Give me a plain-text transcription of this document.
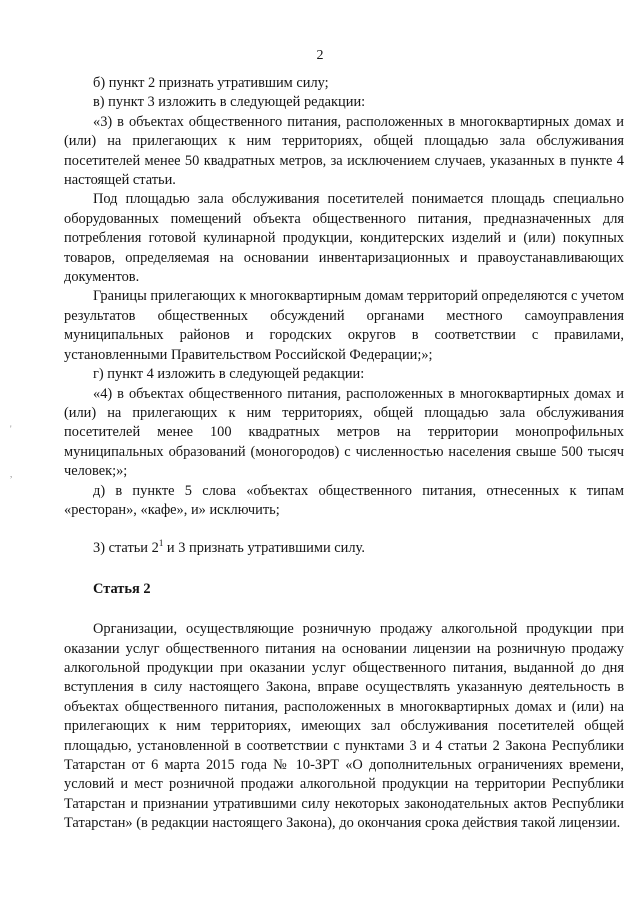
2

б) пункт 2 признать утратившим силу;

в) пункт 3 изложить в следующей редакции:

«3) в объектах общественного питания, расположенных в многоквартирных домах и (или) на прилегающих к ним территориях, общей площадью зала обслуживания посетителей менее 50 квадратных метров, за исключением случаев, указанных в пункте 4 настоящей статьи.

Под площадью зала обслуживания посетителей понимается площадь специально оборудованных помещений объекта общественного питания, предназначенных для потребления готовой кулинарной продукции, кондитерских изделий и (или) покупных товаров, определяемая на основании инвентаризационных и правоустанавливающих документов.

Границы прилегающих к многоквартирным домам территорий определяются с учетом результатов общественных обсуждений органами местного самоуправления муниципальных районов и городских округов в соответствии с правилами, установленными Правительством Российской Федерации;»;

г) пункт 4 изложить в следующей редакции:

«4) в объектах общественного питания, расположенных в многоквартирных домах и (или) на прилегающих к ним территориях, общей площадью зала обслуживания посетителей менее 100 квадратных метров на территории монопрофильных муниципальных образований (моногородов) с численностью населения свыше 500 тысяч человек;»;

д) в пункте 5 слова «объектах общественного питания, отнесенных к типам «ресторан», «кафе», и» исключить;

3) статьи $2^1$ и 3 признать утратившими силу.

Статья 2

Организации, осуществляющие розничную продажу алкогольной продукции при оказании услуг общественного питания на основании лицензии на розничную продажу алкогольной продукции при оказании услуг общественного питания, выданной до дня вступления в силу настоящего Закона, вправе осуществлять указанную деятельность в объектах общественного питания, расположенных в многоквартирных домах и (или) на прилегающих к ним территориях, имеющих зал обслуживания посетителей общей площадью, установленной в соответствии с пунктами 3 и 4 статьи 2 Закона Республики Татарстан от 6 марта 2015 года № 10-ЗРТ «О дополнительных ограничениях времени, условий и мест розничной продажи алкогольной продукции на территории Республики Татарстан и признании утратившими силу некоторых законодательных актов Республики Татарстан» (в редакции настоящего Закона), до окончания срока действия такой лицензии.

'
,
